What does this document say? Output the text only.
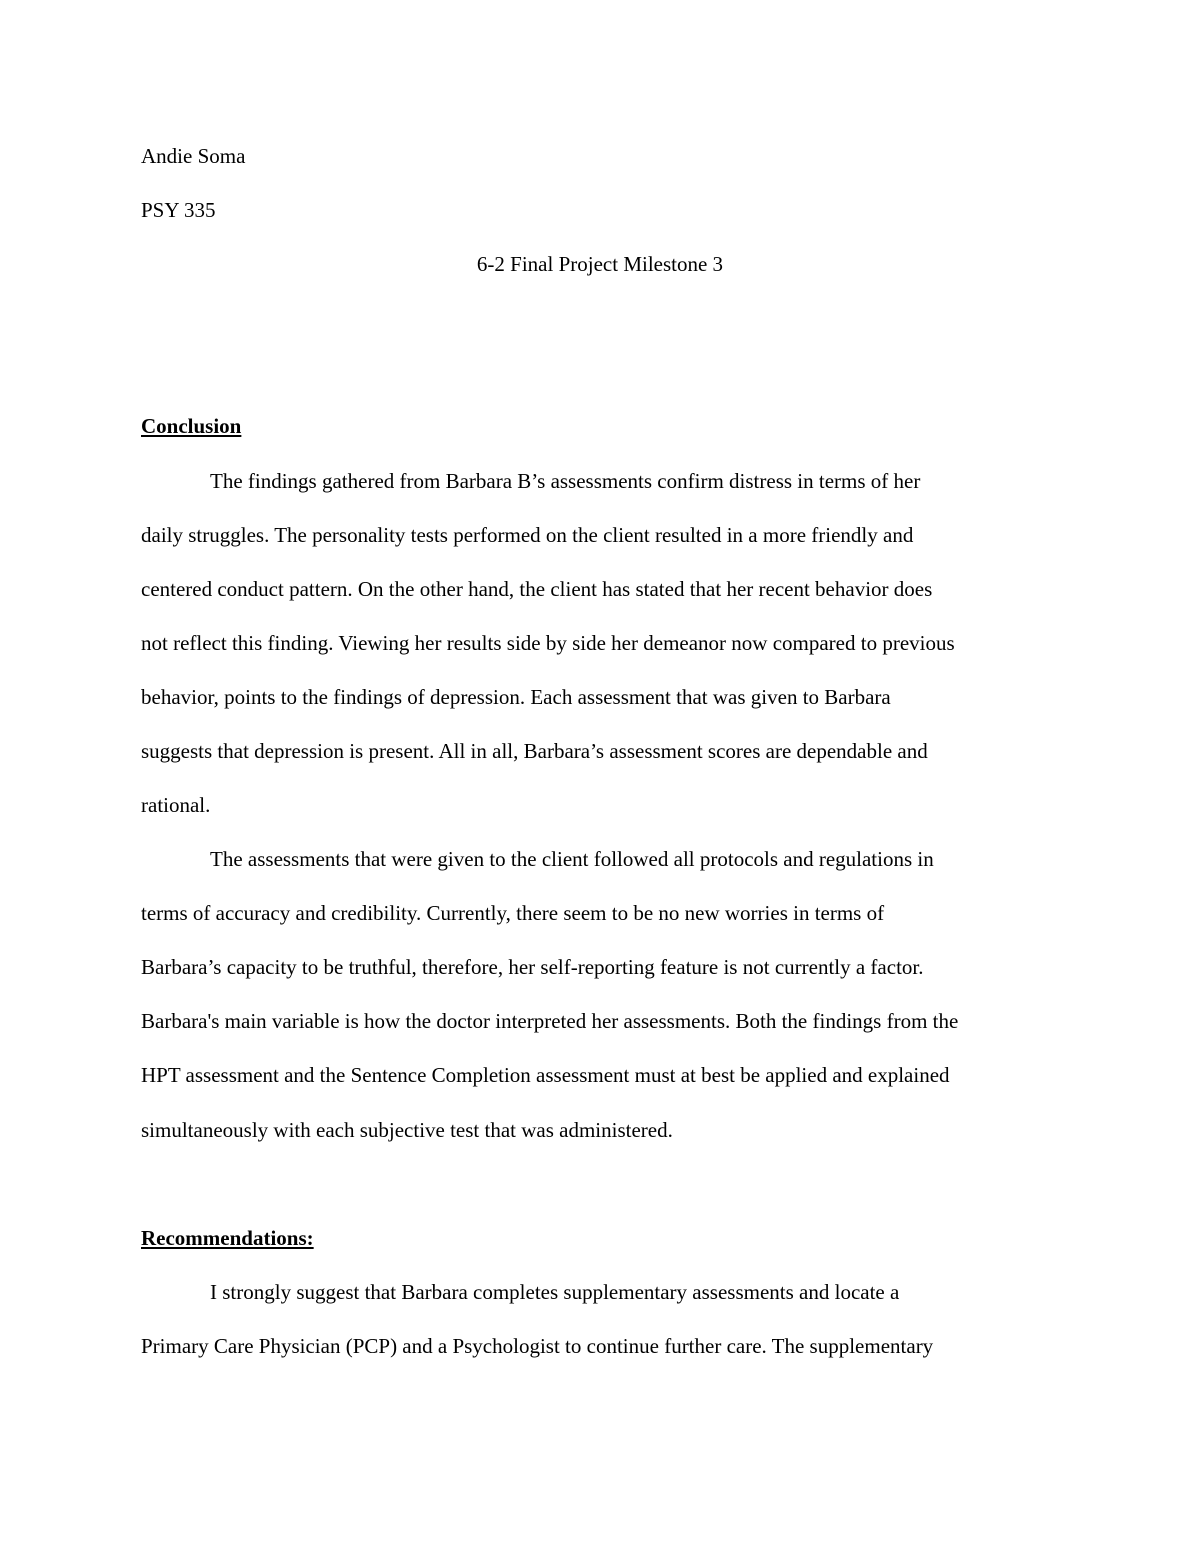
Andie Soma
PSY 335
6-2 Final Project Milestone 3
Conclusion
The findings gathered from Barbara B’s assessments confirm distress in terms of her
daily struggles. The personality tests performed on the client resulted in a more friendly and
centered conduct pattern. On the other hand, the client has stated that her recent behavior does
not reflect this finding. Viewing her results side by side her demeanor now compared to previous
behavior, points to the findings of depression. Each assessment that was given to Barbara
suggests that depression is present. All in all, Barbara’s assessment scores are dependable and
rational.
The assessments that were given to the client followed all protocols and regulations in
terms of accuracy and credibility. Currently, there seem to be no new worries in terms of
Barbara’s capacity to be truthful, therefore, her self-reporting feature is not currently a factor.
Barbara's main variable is how the doctor interpreted her assessments. Both the findings from the
HPT assessment and the Sentence Completion assessment must at best be applied and explained
simultaneously with each subjective test that was administered.
Recommendations:
I strongly suggest that Barbara completes supplementary assessments and locate a
Primary Care Physician (PCP) and a Psychologist to continue further care. The supplementary
